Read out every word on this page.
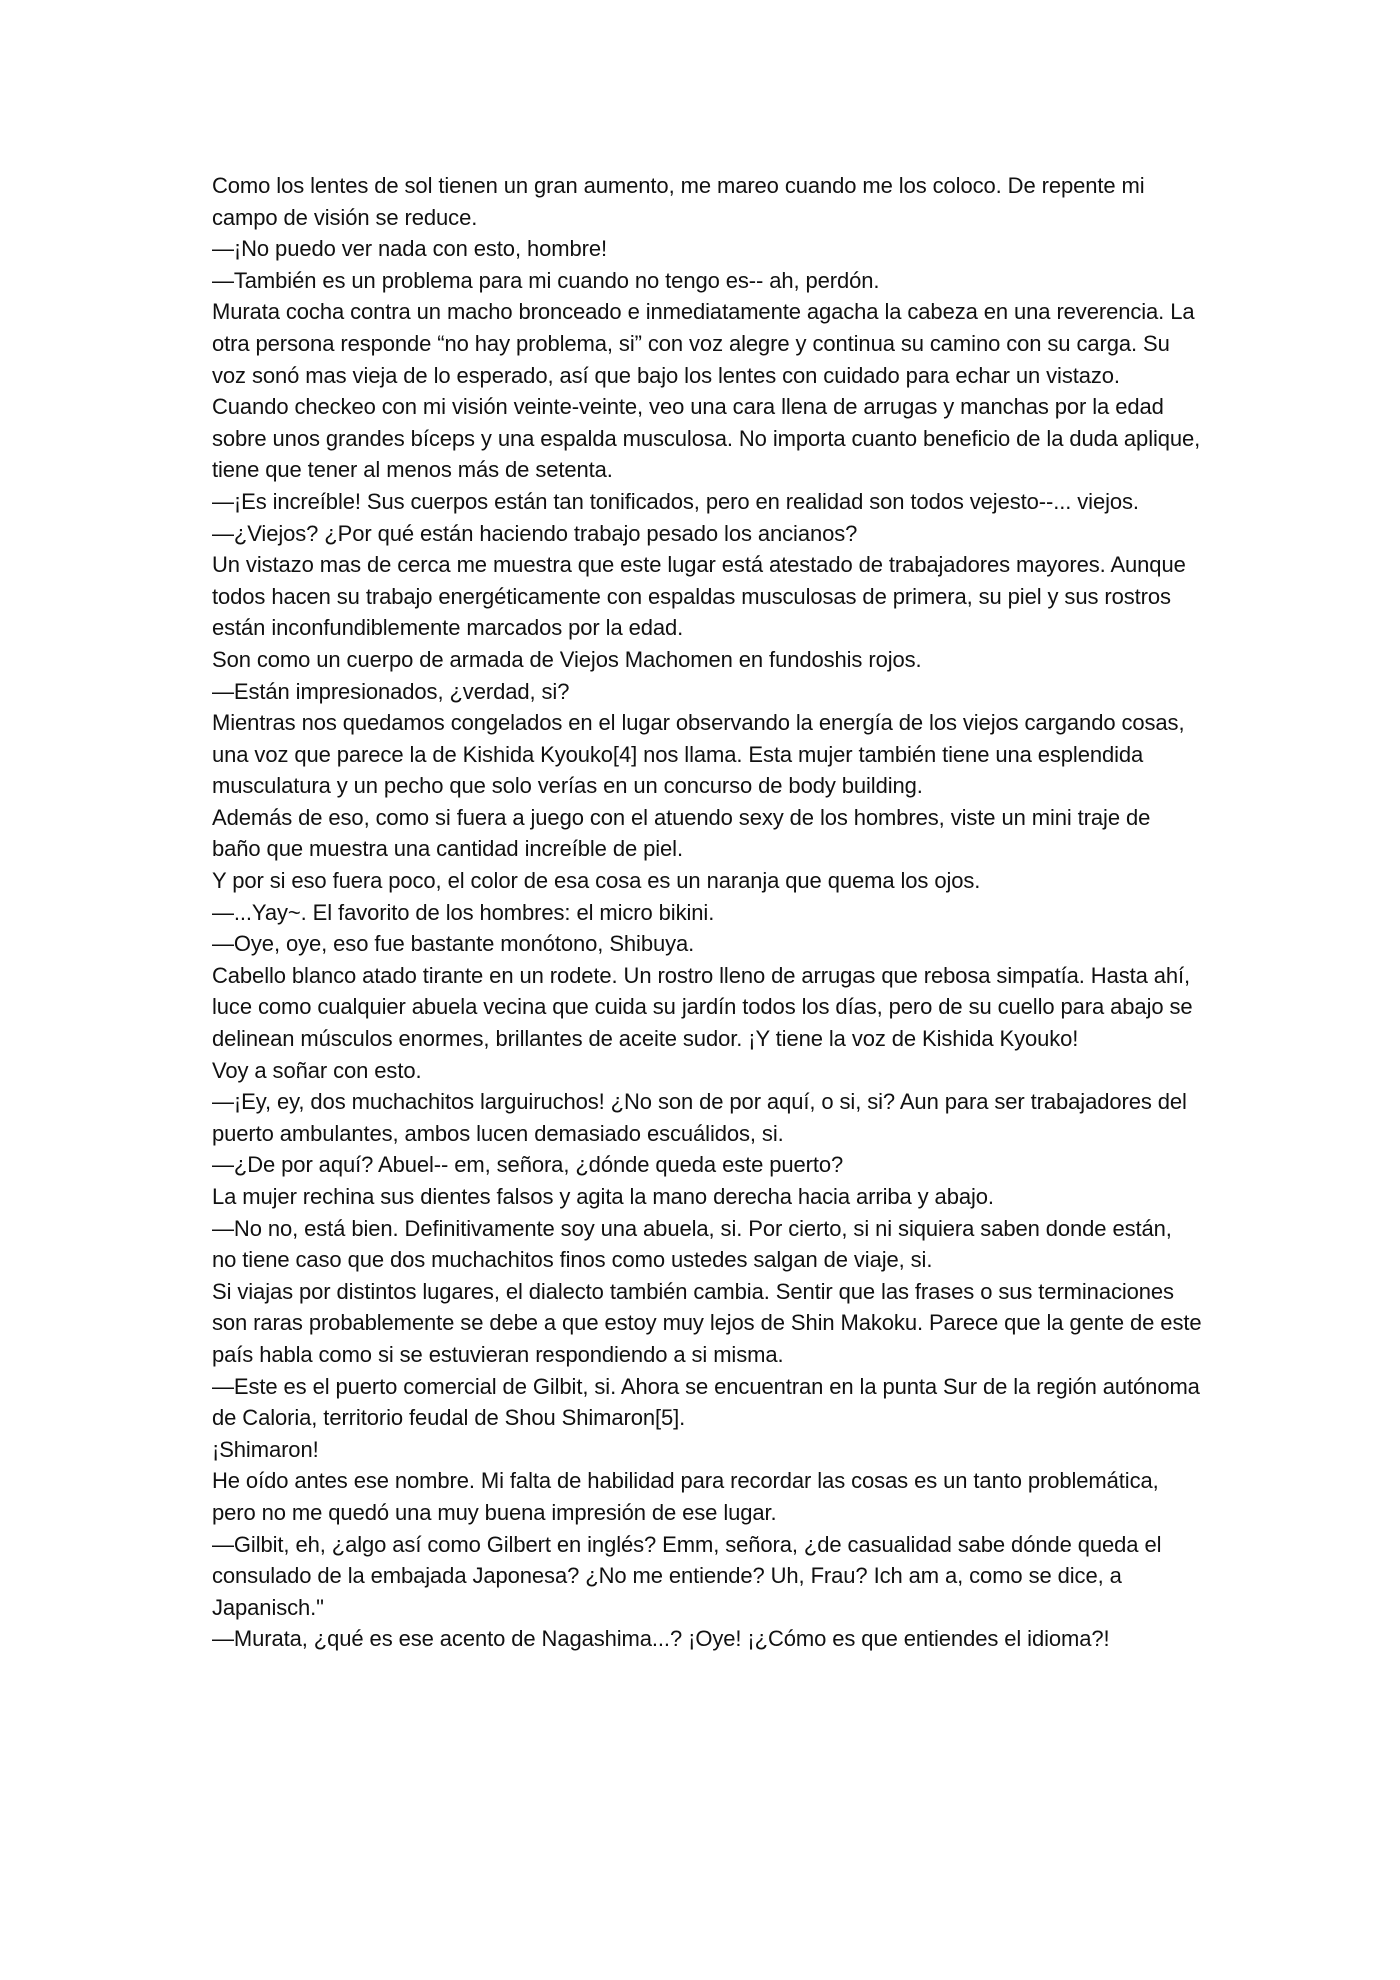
Como los lentes de sol tienen un gran aumento, me mareo cuando me los coloco. De repente mi campo de visión se reduce.

—¡No puedo ver nada con esto, hombre!

—También es un problema para mi cuando no tengo es-- ah, perdón.

Murata cocha contra un macho bronceado e inmediatamente agacha la cabeza en una reverencia. La otra persona responde “no hay problema, si” con voz alegre y continua su camino con su carga. Su voz sonó mas vieja de lo esperado, así que bajo los lentes con cuidado para echar un vistazo.

Cuando checkeo con mi visión veinte-veinte, veo una cara llena de arrugas y manchas por la edad sobre unos grandes bíceps y una espalda musculosa. No importa cuanto beneficio de la duda aplique, tiene que tener al menos más de setenta.

—¡Es increíble! Sus cuerpos están tan tonificados, pero en realidad son todos vejesto--... viejos.

—¿Viejos? ¿Por qué están haciendo trabajo pesado los ancianos?

Un vistazo mas de cerca me muestra que este lugar está atestado de trabajadores mayores. Aunque todos hacen su trabajo energéticamente con espaldas musculosas de primera, su piel y sus rostros están inconfundiblemente marcados por la edad.

Son como un cuerpo de armada de Viejos Machomen en fundoshis rojos.

—Están impresionados, ¿verdad, si?

Mientras nos quedamos congelados en el lugar observando la energía de los viejos cargando cosas, una voz que parece la de Kishida Kyouko[4] nos llama. Esta mujer también tiene una esplendida musculatura y un pecho que solo verías en un concurso de body building.

Además de eso, como si fuera a juego con el atuendo sexy de los hombres, viste un mini traje de baño que muestra una cantidad increíble de piel.

Y por si eso fuera poco, el color de esa cosa es un naranja que quema los ojos.

—...Yay~. El favorito de los hombres: el micro bikini.

—Oye, oye, eso fue bastante monótono, Shibuya.

Cabello blanco atado tirante en un rodete. Un rostro lleno de arrugas que rebosa simpatía. Hasta ahí, luce como cualquier abuela vecina que cuida su jardín todos los días, pero de su cuello para abajo se delinean músculos enormes, brillantes de aceite sudor. ¡Y tiene la voz de Kishida Kyouko!

Voy a soñar con esto.

—¡Ey, ey, dos muchachitos larguiruchos! ¿No son de por aquí, o si, si? Aun para ser trabajadores del puerto ambulantes, ambos lucen demasiado escuálidos, si.

—¿De por aquí? Abuel-- em, señora, ¿dónde queda este puerto?

La mujer rechina sus dientes falsos y agita la mano derecha hacia arriba y abajo.

—No no, está bien. Definitivamente soy una abuela, si. Por cierto, si ni siquiera saben donde están, no tiene caso que dos muchachitos finos como ustedes salgan de viaje, si.

Si viajas por distintos lugares, el dialecto también cambia. Sentir que las frases o sus terminaciones son raras probablemente se debe a que estoy muy lejos de Shin Makoku. Parece que la gente de este país habla como si se estuvieran respondiendo a si misma.

—Este es el puerto comercial de Gilbit, si. Ahora se encuentran en la punta Sur de la región autónoma de Caloria, territorio feudal de Shou Shimaron[5].

¡Shimaron!

He oído antes ese nombre. Mi falta de habilidad para recordar las cosas es un tanto problemática, pero no me quedó una muy buena impresión de ese lugar.

—Gilbit, eh, ¿algo así como Gilbert en inglés? Emm, señora, ¿de casualidad sabe dónde queda el consulado de la embajada Japonesa? ¿No me entiende? Uh, Frau? Ich am a, como se dice, a Japanisch."

—Murata, ¿qué es ese acento de Nagashima...? ¡Oye! ¡¿Cómo es que entiendes el idioma?!
